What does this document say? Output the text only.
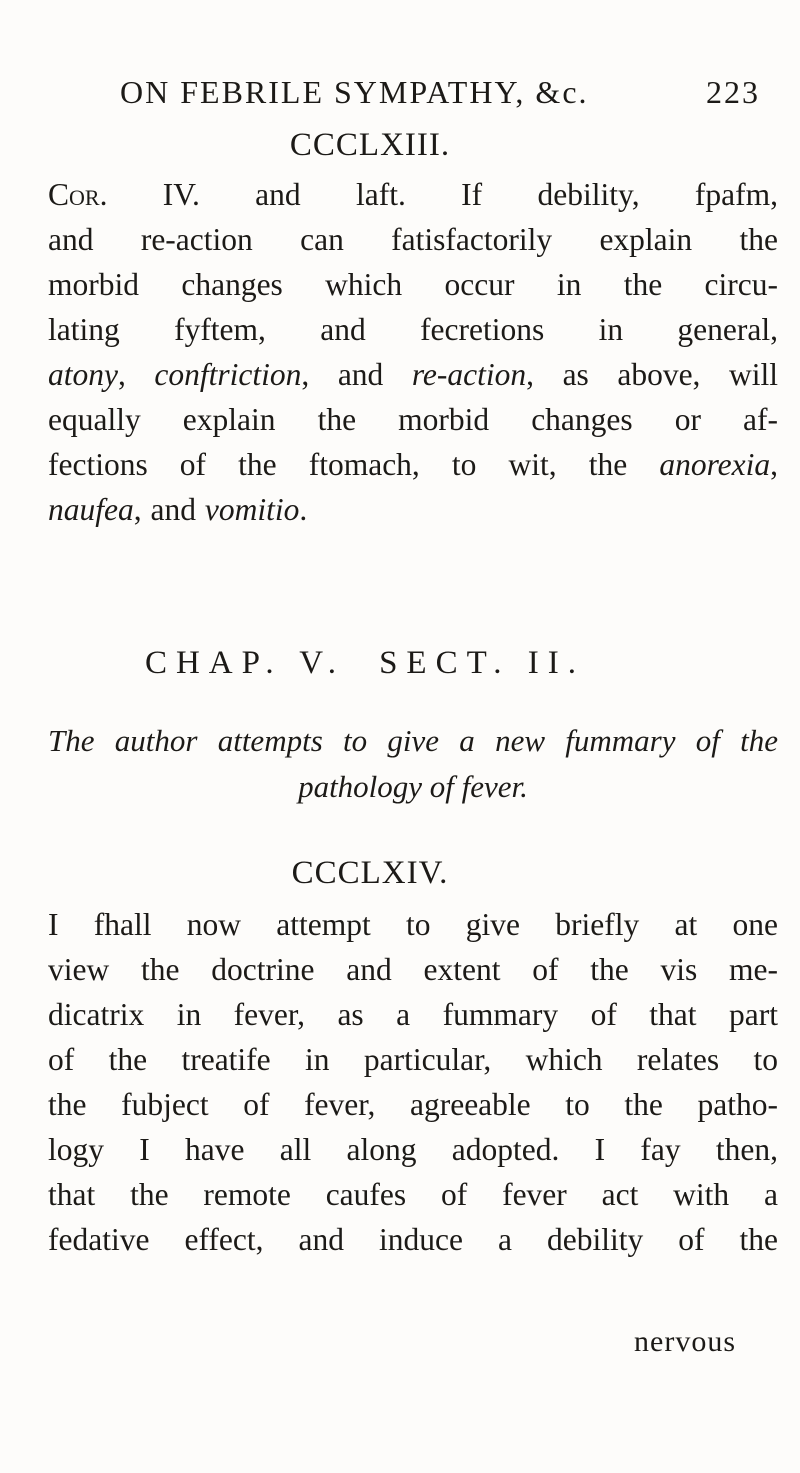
ON FEBRILE SYMPATHY, &c.	223
CCCLXIII.
Cor. IV. and laft. If debility, fpafm,
and re-action can fatisfactorily explain the
morbid changes which occur in the circu-
lating fyftem, and fecretions in general,
atony, conftriction, and re-action, as above, will
equally explain the morbid changes or af-
fections of the ftomach, to wit, the anorexia,
naufea, and vomitio.
CHAP. V. SECT. II.
The author attempts to give a new fummary of the
pathology of fever.
CCCLXIV.
I fhall now attempt to give briefly at one
view the doctrine and extent of the vis me-
dicatrix in fever, as a fummary of that part
of the treatife in particular, which relates to
the fubject of fever, agreeable to the patho-
logy I have all along adopted. I fay then,
that the remote caufes of fever act with a
fedative effect, and induce a debility of the
nervous
